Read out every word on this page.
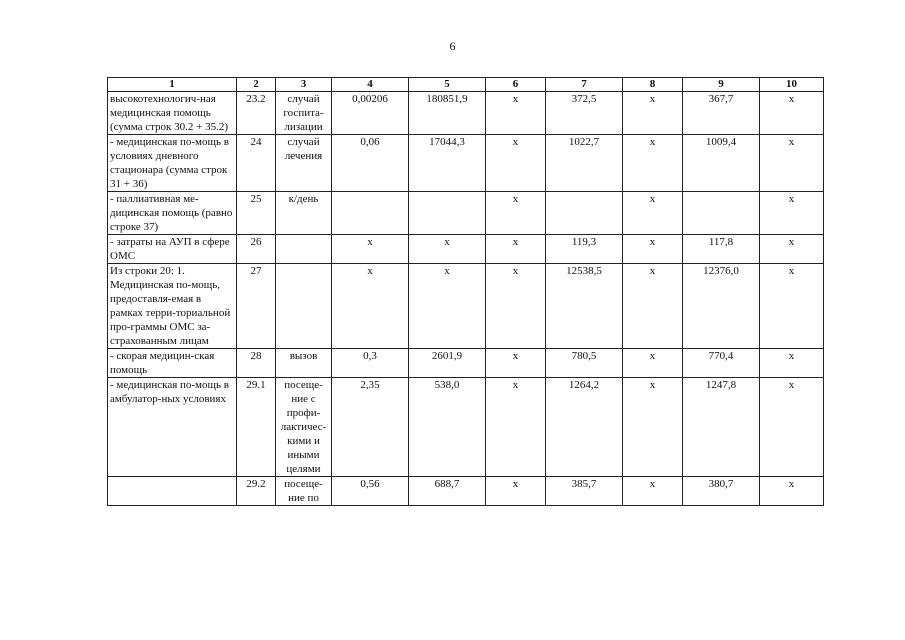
6
1	2	3	4	5	6	7	8	9	10
высокотехнологич-ная медицинская помощь (сумма строк 30.2 + 35.2)	23.2	случай госпита-лизации	0,00206	180851,9	х	372,5	х	367,7	х
- медицинская по-мощь в условиях дневного стационара (сумма строк 31 + 36)	24	случай лечения	0,06	17044,3	х	1022,7	х	1009,4	х
- паллиативная ме-дицинская помощь (равно строке 37)	25	к/день			х		х		х
- затраты на АУП в сфере ОМС	26		х	х	х	119,3	х	117,8	х
Из строки 20: 1. Медицинская по-мощь, предоставля-емая в рамках терри-ториальной про-граммы ОМС за-страхованным лицам	27		х	х	х	12538,5	х	12376,0	х
- скорая медицин-ская помощь	28	вызов	0,3	2601,9	х	780,5	х	770,4	х
- медицинская по-мощь в амбулатор-ных условиях	29.1	посеще-ние с профи-лактичес-кими и иными целями	2,35	538,0	х	1264,2	х	1247,8	х
	29.2	посеще-ние по	0,56	688,7	х	385,7	х	380,7	х
